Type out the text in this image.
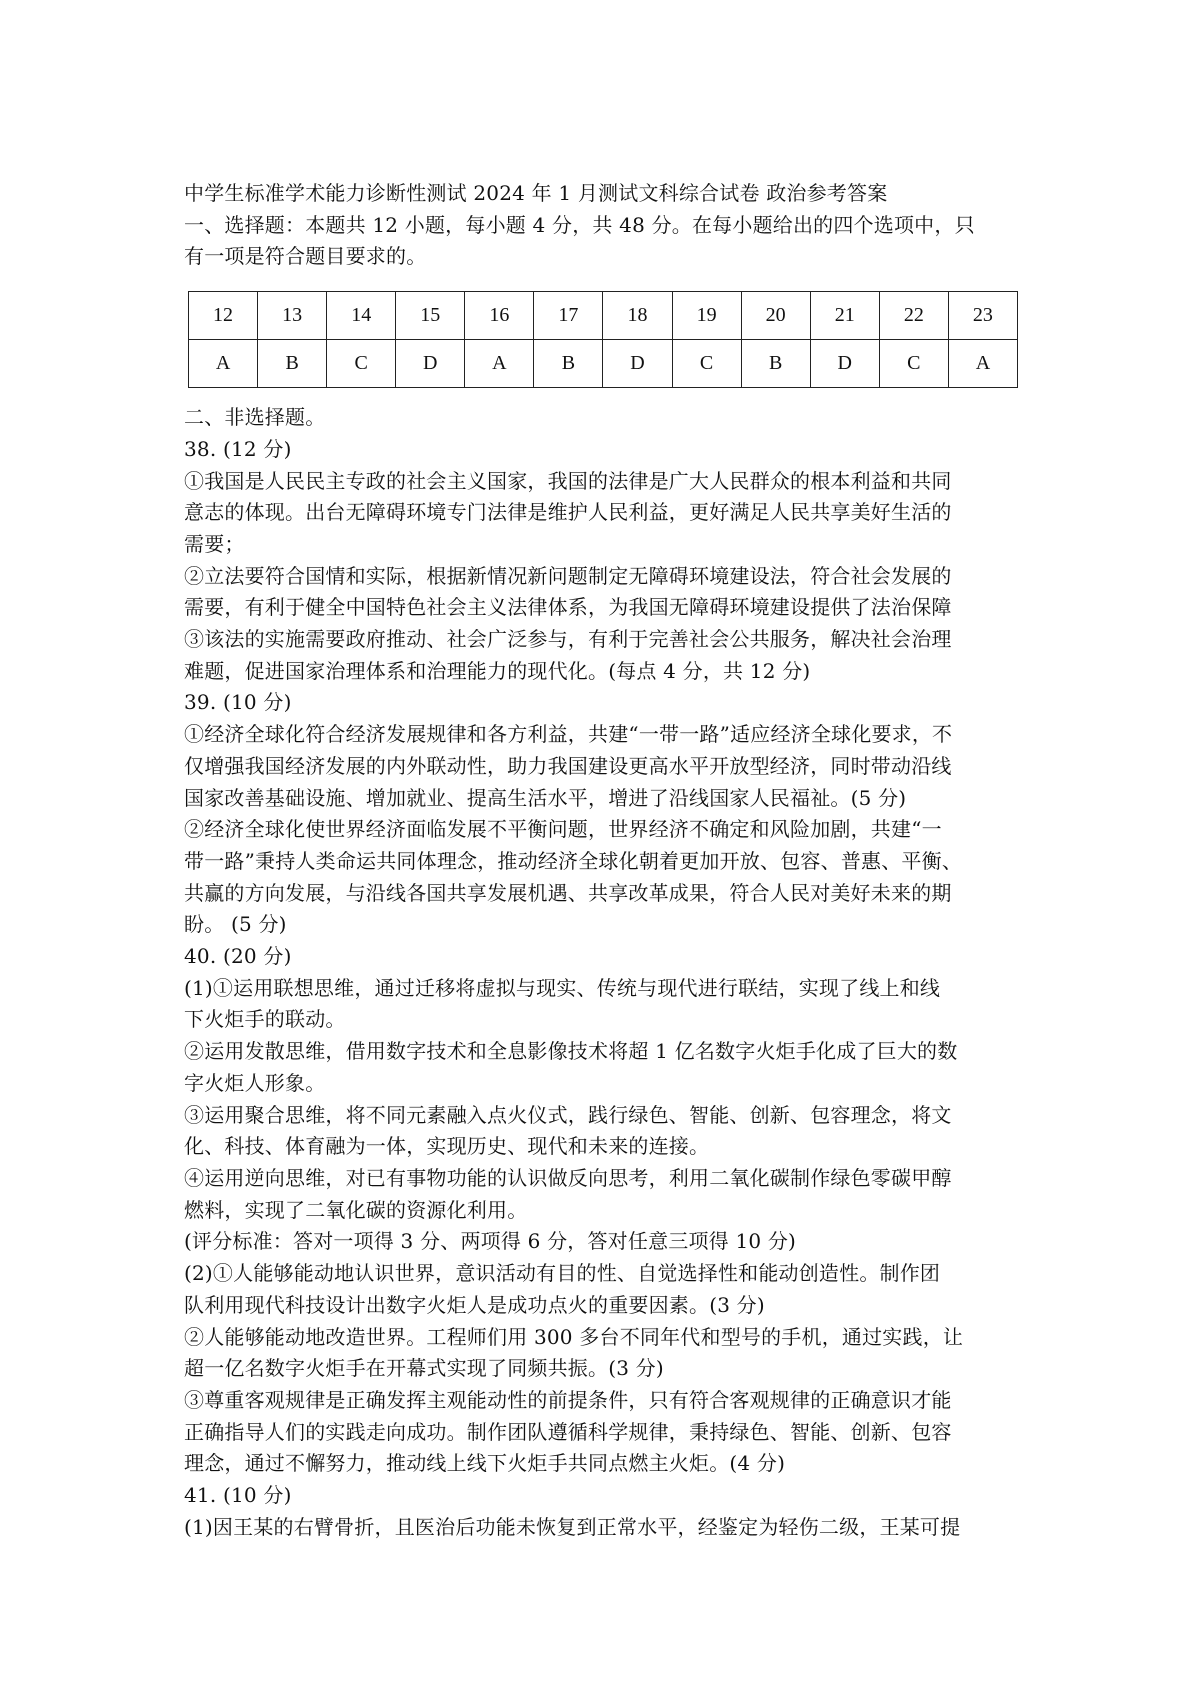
中学生标准学术能力诊断性测试 2024 年 1 月测试文科综合试卷 政治参考答案
一、选择题：本题共 12 小题，每小题 4 分，共 48 分。在每小题给出的四个选项中，只
有一项是符合题目要求的。
12	13	14	15	16	17	18	19	20	21	22	23
A	B	C	D	A	B	D	C	B	D	C	A
二、非选择题。
38. (12 分)
①我国是人民民主专政的社会主义国家，我国的法律是广大人民群众的根本利益和共同
意志的体现。出台无障碍环境专门法律是维护人民利益，更好满足人民共享美好生活的
需要；
②立法要符合国情和实际，根据新情况新问题制定无障碍环境建设法，符合社会发展的
需要，有利于健全中国特色社会主义法律体系，为我国无障碍环境建设提供了法治保障
③该法的实施需要政府推动、社会广泛参与，有利于完善社会公共服务，解决社会治理
难题，促进国家治理体系和治理能力的现代化。(每点 4 分，共 12 分)
39. (10 分)
①经济全球化符合经济发展规律和各方利益，共建“一带一路”适应经济全球化要求，不
仅增强我国经济发展的内外联动性，助力我国建设更高水平开放型经济，同时带动沿线
国家改善基础设施、增加就业、提高生活水平，增进了沿线国家人民福祉。(5 分)
②经济全球化使世界经济面临发展不平衡问题，世界经济不确定和风险加剧，共建“一
带一路”秉持人类命运共同体理念，推动经济全球化朝着更加开放、包容、普惠、平衡、
共赢的方向发展，与沿线各国共享发展机遇、共享改革成果，符合人民对美好未来的期
盼。 (5 分)
40. (20 分)
(1)①运用联想思维，通过迁移将虚拟与现实、传统与现代进行联结，实现了线上和线
下火炬手的联动。
②运用发散思维，借用数字技术和全息影像技术将超 1 亿名数字火炬手化成了巨大的数
字火炬人形象。
③运用聚合思维，将不同元素融入点火仪式，践行绿色、智能、创新、包容理念，将文
化、科技、体育融为一体，实现历史、现代和未来的连接。
④运用逆向思维，对已有事物功能的认识做反向思考，利用二氧化碳制作绿色零碳甲醇
燃料，实现了二氧化碳的资源化利用。
(评分标准：答对一项得 3 分、两项得 6 分，答对任意三项得 10 分)
(2)①人能够能动地认识世界，意识活动有目的性、自觉选择性和能动创造性。制作团
队利用现代科技设计出数字火炬人是成功点火的重要因素。(3 分)
②人能够能动地改造世界。工程师们用 300 多台不同年代和型号的手机，通过实践，让
超一亿名数字火炬手在开幕式实现了同频共振。(3 分)
③尊重客观规律是正确发挥主观能动性的前提条件，只有符合客观规律的正确意识才能
正确指导人们的实践走向成功。制作团队遵循科学规律，秉持绿色、智能、创新、包容
理念，通过不懈努力，推动线上线下火炬手共同点燃主火炬。(4 分)
41. (10 分)
(1)因王某的右臂骨折，且医治后功能未恢复到正常水平，经鉴定为轻伤二级，王某可提
